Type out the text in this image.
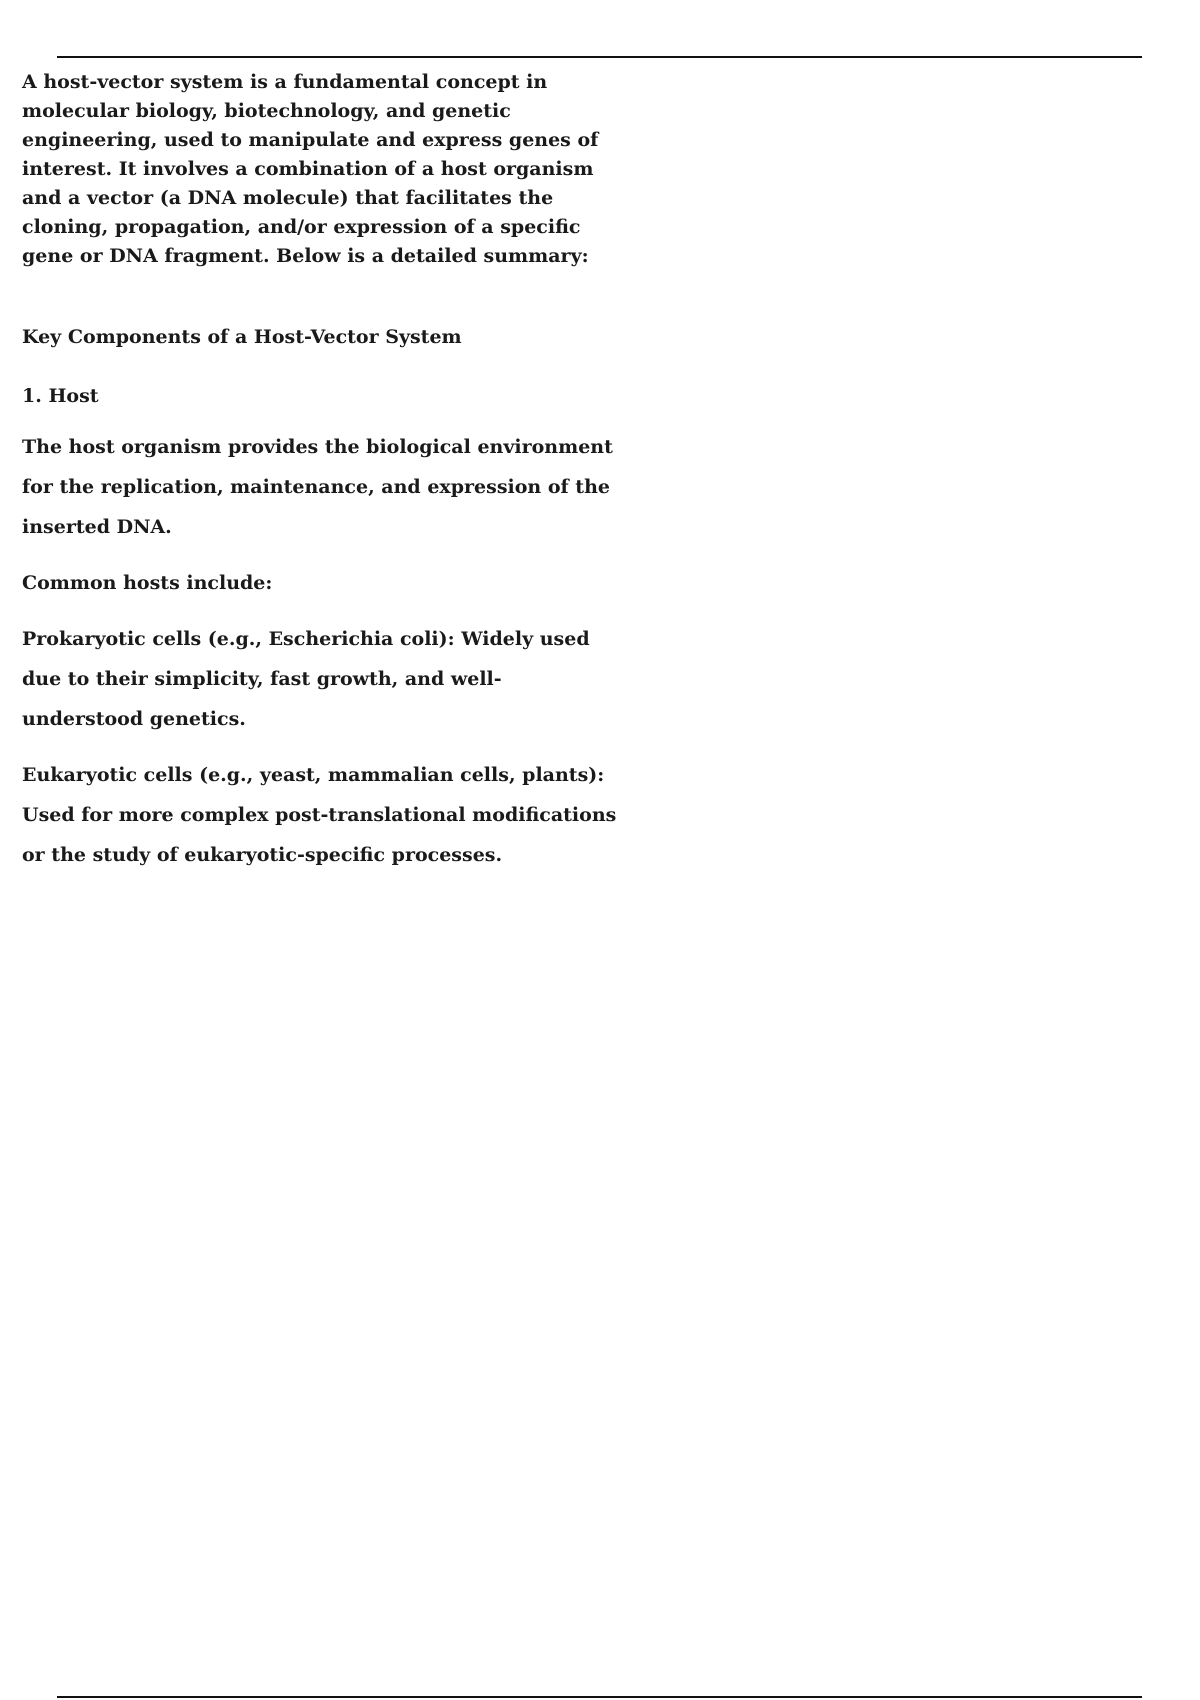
A host-vector system is a fundamental concept in molecular biology, biotechnology, and genetic engineering, used to manipulate and express genes of interest. It involves a combination of a host organism and a vector (a DNA molecule) that facilitates the cloning, propagation, and/or expression of a specific gene or DNA fragment. Below is a detailed summary:

Key Components of a Host-Vector System

1. Host

The host organism provides the biological environment for the replication, maintenance, and expression of the inserted DNA.

Common hosts include:

Prokaryotic cells (e.g., Escherichia coli): Widely used due to their simplicity, fast growth, and well-understood genetics.

Eukaryotic cells (e.g., yeast, mammalian cells, plants): Used for more complex post-translational modifications or the study of eukaryotic-specific processes.
